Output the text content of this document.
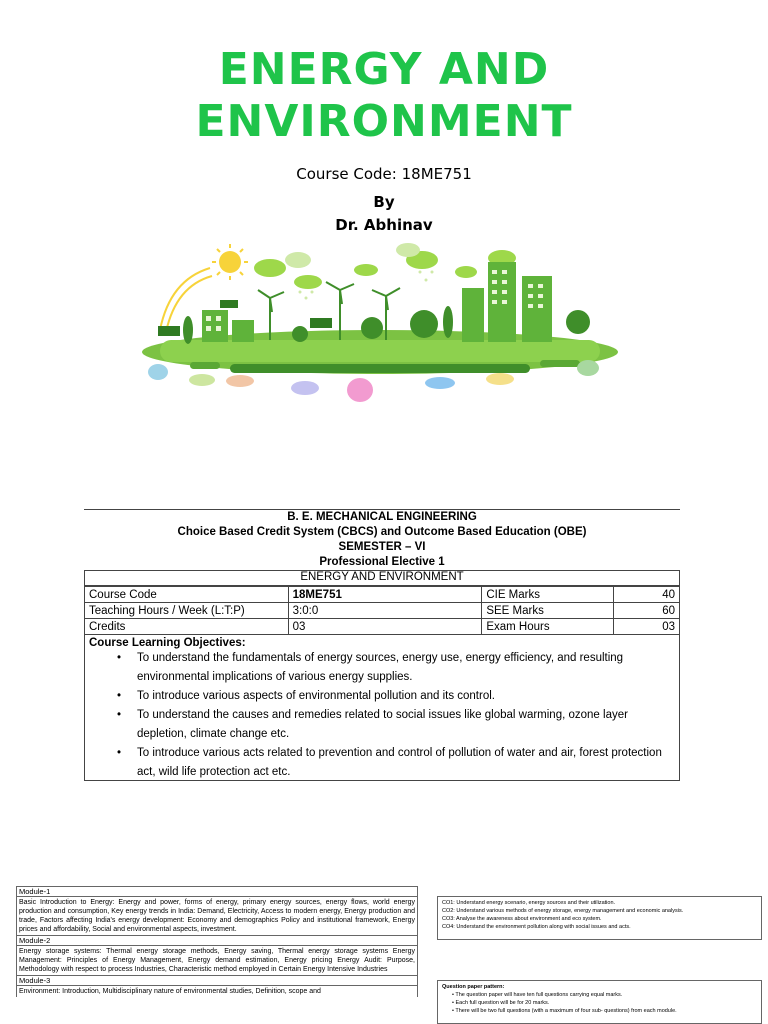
ENERGY AND
ENVIRONMENT
Course Code: 18ME751
By
Dr. Abhinav
B. E. MECHANICAL ENGINEERING
Choice Based Credit System (CBCS) and Outcome Based Education (OBE)
SEMESTER – VI
Professional Elective 1
ENERGY AND ENVIRONMENT
Course Code	18ME751	CIE Marks	40
Teaching Hours / Week (L:T:P)	3:0:0	SEE Marks	60
Credits	03	Exam Hours	03
Course Learning Objectives:
• To understand the fundamentals of energy sources, energy use, energy efficiency, and resulting environmental implications of various energy supplies.
• To introduce various aspects of environmental pollution and its control.
• To understand the causes and remedies related to social issues like global warming, ozone layer depletion, climate change etc.
• To introduce various acts related to prevention and control of pollution of water and air, forest protection act, wild life protection act etc.
Module-1
Basic Introduction to Energy: Energy and power, forms of energy, primary energy sources, energy flows, world energy production and consumption, Key energy trends in India: Demand, Electricity, Access to modern energy, Energy production and trade, Factors affecting India's energy development: Economy and demographics Policy and institutional framework, Energy prices and affordability, Social and environmental aspects, investment.
Module-2
Energy storage systems: Thermal energy storage methods, Energy saving, Thermal energy storage systems Energy Management: Principles of Energy Management, Energy demand estimation, Energy pricing Energy Audit: Purpose, Methodology with respect to process Industries, Characteristic method employed in Certain Energy Intensive Industries
Module-3
Environment: Introduction, Multidisciplinary nature of environmental studies, Definition, scope and
CO1: Understand energy scenario, energy sources and their utilization.
CO2: Understand various methods of energy storage, energy management and economic analysis.
CO3: Analyse the awareness about environment and eco system.
CO4: Understand the environment pollution along with social issues and acts.
Question paper pattern:
• The question paper will have ten full questions carrying equal marks.
• Each full question will be for 20 marks.
• There will be two full questions (with a maximum of four sub- questions) from each module.
